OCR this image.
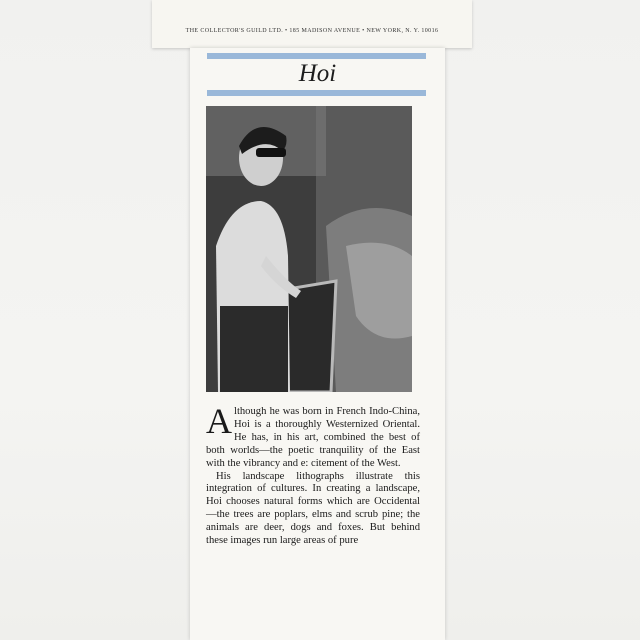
THE COLLECTOR'S GUILD LTD. • 185 MADISON AVENUE • NEW YORK, N. Y. 10016
Hoi

Although he was born in French Indo-China, Hoi is a thoroughly Westernized Oriental. He has, in his art, combined the best of both worlds—the poetic tranquility of the East with the vibrancy and e: citement of the West.

His landscape lithographs illustrate this integration of cultures. In creating a landscape, Hoi chooses natural forms which are Occidental—the trees are poplars, elms and scrub pine; the animals are deer, dogs and foxes. But behind these images run large areas of pure
